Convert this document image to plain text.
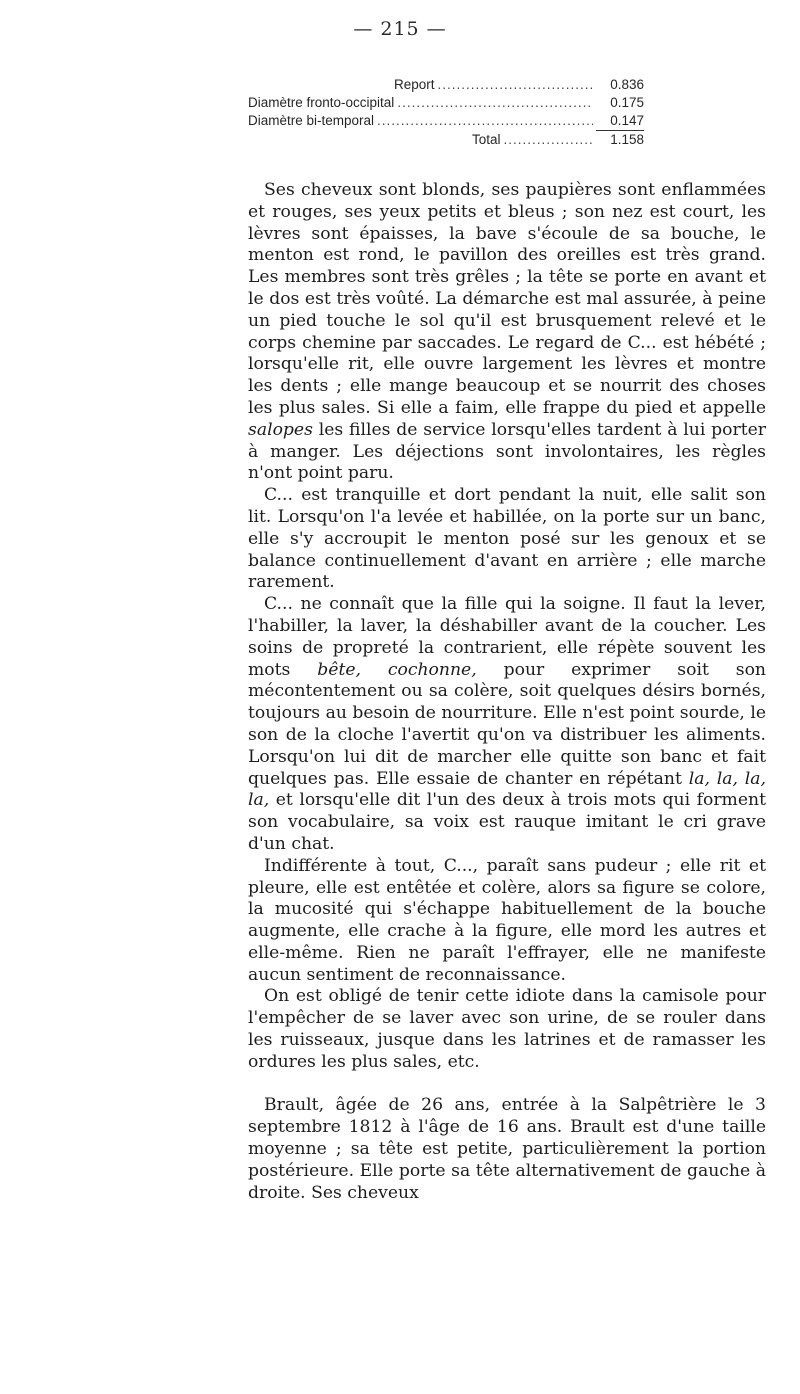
— 215 —
Report .....	0.836
Diamètre fronto-occipital .....	0.175
Diamètre bi-temporal .....	0.147
Total .....	1.158

Ses cheveux sont blonds, ses paupières sont enflammées et rouges, ses yeux petits et bleus ; son nez est court, les lèvres sont épaisses, la bave s'écoule de sa bouche, le menton est rond, le pavillon des oreilles est très grand. Les membres sont très grêles ; la tête se porte en avant et le dos est très voûté. La démarche est mal assurée, à peine un pied touche le sol qu'il est brusquement relevé et le corps chemine par saccades. Le regard de C... est hébété ; lorsqu'elle rit, elle ouvre largement les lèvres et montre les dents ; elle mange beaucoup et se nourrit des choses les plus sales. Si elle a faim, elle frappe du pied et appelle salopes les filles de service lorsqu'elles tardent à lui porter à manger. Les déjections sont involontaires, les règles n'ont point paru.

C... est tranquille et dort pendant la nuit, elle salit son lit. Lorsqu'on l'a levée et habillée, on la porte sur un banc, elle s'y accroupit le menton posé sur les genoux et se balance continuellement d'avant en arrière ; elle marche rarement.

C... ne connaît que la fille qui la soigne. Il faut la lever, l'habiller, la laver, la déshabiller avant de la coucher. Les soins de propreté la contrarient, elle répète souvent les mots bête, cochonne, pour exprimer soit son mécontentement ou sa colère, soit quelques désirs bornés, toujours au besoin de nourriture. Elle n'est point sourde, le son de la cloche l'avertit qu'on va distribuer les aliments. Lorsqu'on lui dit de marcher elle quitte son banc et fait quelques pas. Elle essaie de chanter en répétant la, la, la, la, et lorsqu'elle dit l'un des deux à trois mots qui forment son vocabulaire, sa voix est rauque imitant le cri grave d'un chat.

Indifférente à tout, C..., paraît sans pudeur ; elle rit et pleure, elle est entêtée et colère, alors sa figure se colore, la mucosité qui s'échappe habituellement de la bouche augmente, elle crache à la figure, elle mord les autres et elle-même. Rien ne paraît l'effrayer, elle ne manifeste aucun sentiment de reconnaissance.

On est obligé de tenir cette idiote dans la camisole pour l'empêcher de se laver avec son urine, de se rouler dans les ruisseaux, jusque dans les latrines et de ramasser les ordures les plus sales, etc.

Brault, âgée de 26 ans, entrée à la Salpêtrière le 3 septembre 1812 à l'âge de 16 ans. Brault est d'une taille moyenne ; sa tête est petite, particulièrement la portion postérieure. Elle porte sa tête alternativement de gauche à droite. Ses cheveux
